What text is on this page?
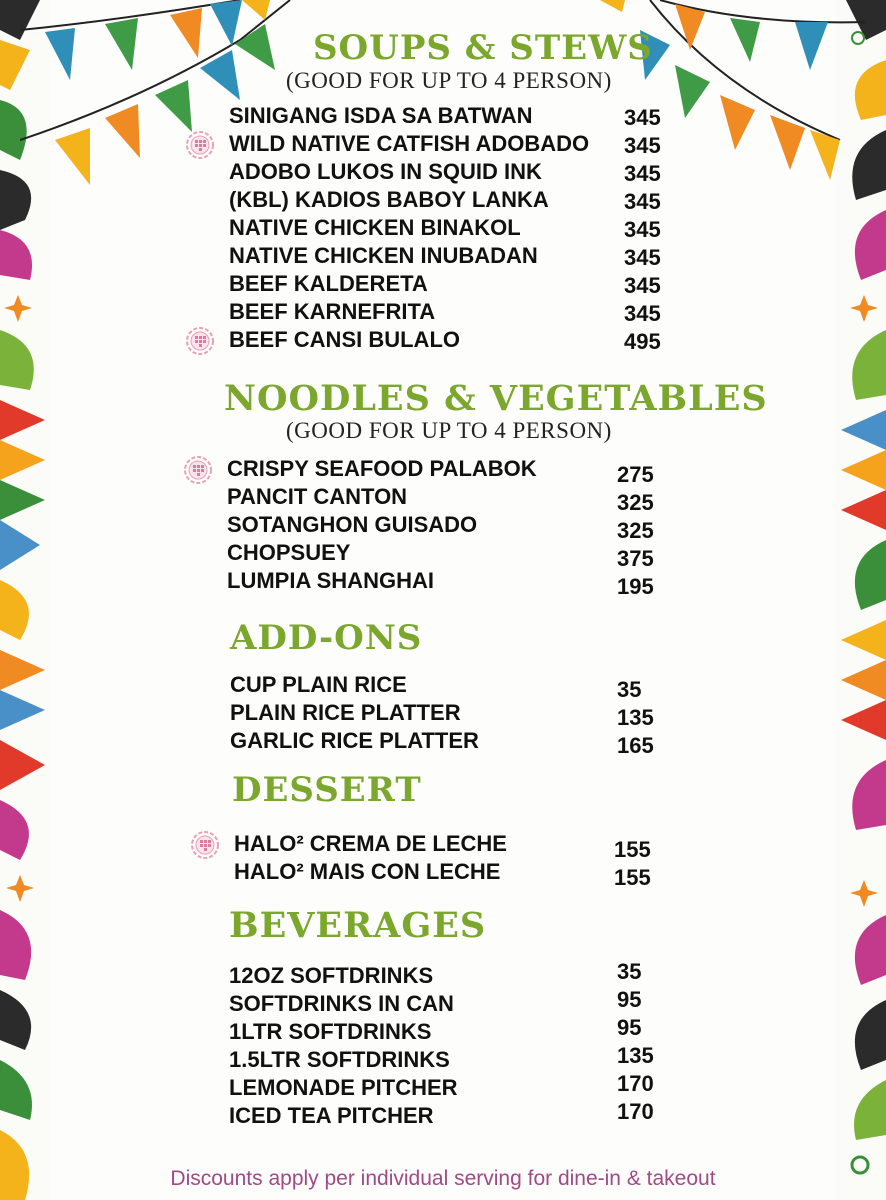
SOUPS & STEWS
(GOOD FOR UP TO 4 PERSON)
SINIGANG ISDA SA BATWAN	345
WILD NATIVE CATFISH ADOBADO 345
ADOBO LUKOS IN SQUID INK	345
(KBL) KADIOS BABOY LANKA	345
NATIVE CHICKEN BINAKOL	345
NATIVE CHICKEN INUBADAN	345
BEEF KALDERETA	345
BEEF KARNEFRITA	345
BEEF CANSI BULALO	495
NOODLES & VEGETABLES
(GOOD FOR UP TO 4 PERSON)
CRISPY SEAFOOD PALABOK	275
PANCIT CANTON	325
SOTANGHON GUISADO	325
CHOPSUEY	375
LUMPIA SHANGHAI	195
ADD-ONS
CUP PLAIN RICE	35
PLAIN RICE PLATTER	135
GARLIC RICE PLATTER	165
DESSERT
HALO² CREMA DE LECHE	155
HALO² MAIS CON LECHE	155
BEVERAGES
12OZ SOFTDRINKS	35
SOFTDRINKS IN CAN	95
1LTR SOFTDRINKS	95
1.5LTR SOFTDRINKS	135
LEMONADE PITCHER	170
ICED TEA PITCHER	170
Discounts apply per individual serving for dine-in & takeout
